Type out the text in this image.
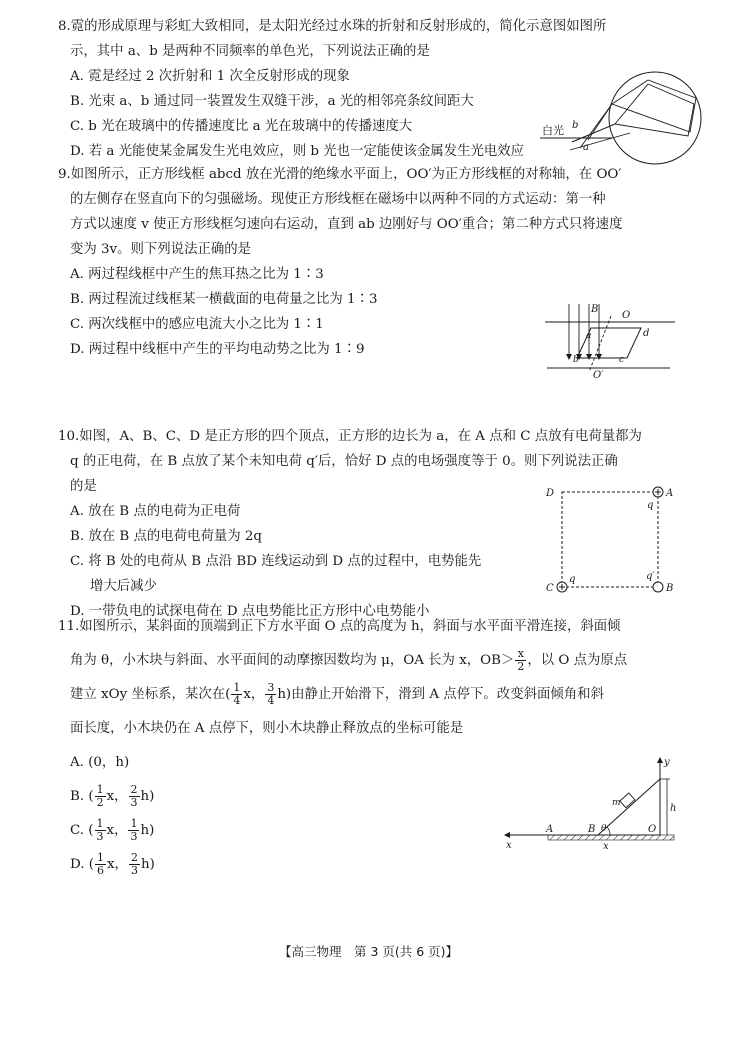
8.霓的形成原理与彩虹大致相同，是太阳光经过水珠的折射和反射形成的，简化示意图如图所
示，其中 a、b 是两种不同频率的单色光，下列说法正确的是
A. 霓是经过 2 次折射和 1 次全反射形成的现象
B. 光束 a、b 通过同一装置发生双缝干涉，a 光的相邻亮条纹间距大
C. b 光在玻璃中的传播速度比 a 光在玻璃中的传播速度大
D. 若 a 光能使某金属发生光电效应，则 b 光也一定能使该金属发生光电效应
白光 b
a
9.如图所示，正方形线框 abcd 放在光滑的绝缘水平面上，OO′为正方形线框的对称轴，在 OO′
的左侧存在竖直向下的匀强磁场。现使正方形线框在磁场中以两种不同的方式运动：第一种
方式以速度 v 使正方形线框匀速向右运动，直到 ab 边刚好与 OO′重合；第二种方式只将速度
变为 3v。则下列说法正确的是
A. 两过程线框中产生的焦耳热之比为 1∶3
B. 两过程流过线框某一横截面的电荷量之比为 1∶3
C. 两次线框中的感应电流大小之比为 1∶1
D. 两过程中线框中产生的平均电动势之比为 1∶9
B
O
a	d
b	c
O′
10.如图，A、B、C、D 是正方形的四个顶点，正方形的边长为 a，在 A 点和 C 点放有电荷量都为
q 的正电荷，在 B 点放了某个未知电荷 q′后，恰好 D 点的电场强度等于 0。则下列说法正确
的是
A. 放在 B 点的电荷为正电荷
B. 放在 B 点的电荷电荷量为 2q
C. 将 B 处的电荷从 B 点沿 BD 连线运动到 D 点的过程中，电势能先
增大后减少
D. 一带负电的试探电荷在 D 点电势能比正方形中心电势能小
D	A
q
C
q
B
q′
11.如图所示，某斜面的顶端到正下方水平面 O 点的高度为 h，斜面与水平面平滑连接，斜面倾
角为 θ，小木块与斜面、水平面间的动摩擦因数均为 μ，OA 长为 x，$OB> \frac{x}{2}$ ，以 O 点为原点
建立 xOy 坐标系，某次在( $\frac{1}{4}$ x， $\frac{3}{4} h$)由静止开始滑下，滑到 A 点停下。改变斜面倾角和斜
面长度，小木块仍在 A 点停下，则小木块静止释放点的坐标可能是
A. (0，h)
B. ( $\frac{1}{2}$ x， $\frac{2}{3} h$)
C. ( $\frac{1}{3}$ x， $\frac{1}{3} h$)
D. ( $\frac{1}{6}$ x， $\frac{2}{3} h$)
y
x
A	B θ	O
m	h
x
【高三物理　第 3 页(共 6 页)】
